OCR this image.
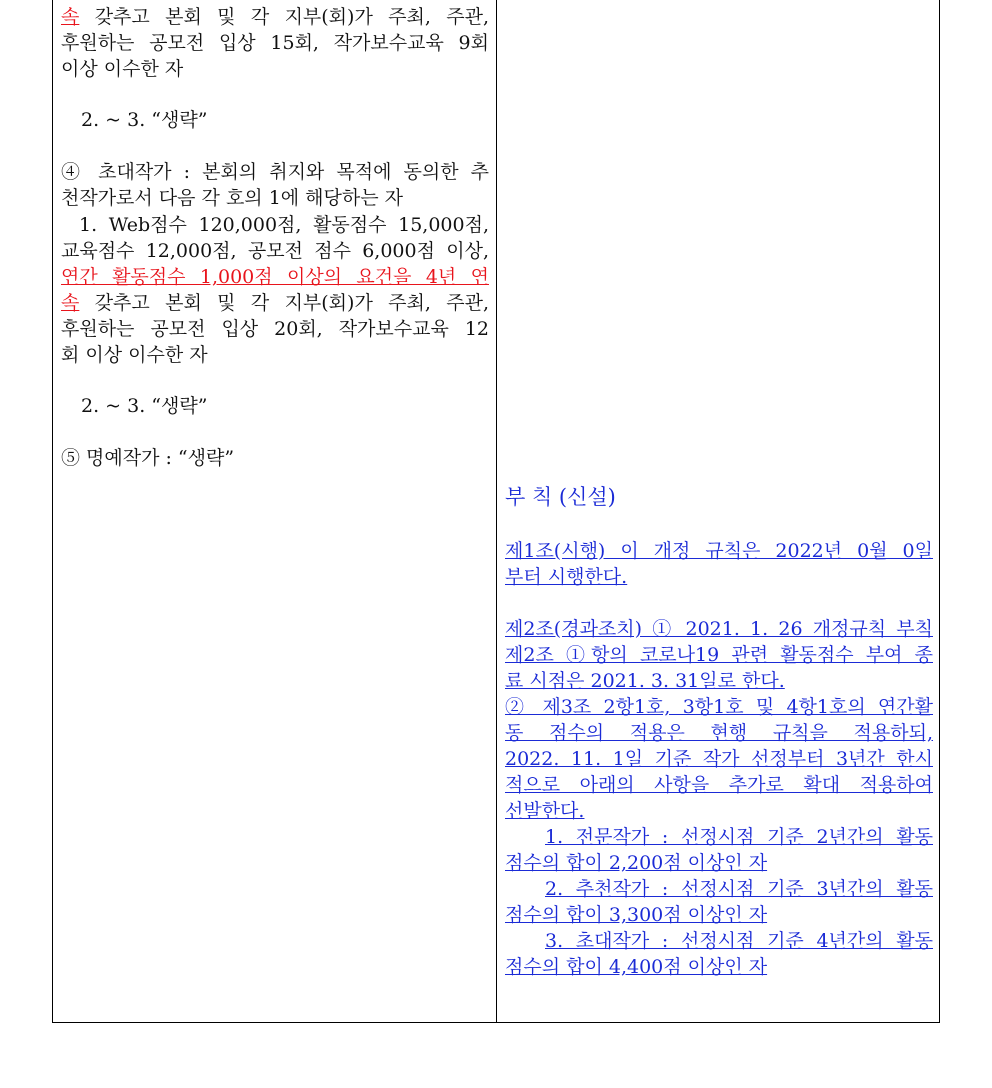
속 갖추고 본회 및 각 지부(회)가 주최, 주관,
후원하는 공모전 입상 15회, 작가보수교육 9회
이상 이수한 자
2. ~ 3. “생략”
④ 초대작가 : 본회의 취지와 목적에 동의한 추
천작가로서 다음 각 호의 1에 해당하는 자
1. Web점수 120,000점, 활동점수 15,000점,
교육점수 12,000점, 공모전 점수 6,000점 이상,
연간 활동점수 1,000점 이상의 요건을 4년 연
속 갖추고 본회 및 각 지부(회)가 주최, 주관,
후원하는 공모전 입상 20회, 작가보수교육 12
회 이상 이수한 자
2. ~ 3. “생략”
⑤ 명예작가 : “생략”
부 칙 (신설)
제1조(시행) 이 개정 규칙은 2022년 0월 0일
부터 시행한다.
제2조(경과조치) ① 2021. 1. 26 개정규칙 부칙
제2조 ①항의 코로나19 관련 활동점수 부여 종
료 시점은 2021. 3. 31일로 한다.
② 제3조 2항1호, 3항1호 및 4항1호의 연간활
동 점수의 적용은 현행 규칙을 적용하되,
2022. 11. 1일 기준 작가 선정부터 3년간 한시
적으로 아래의 사항을 추가로 확대 적용하여
선발한다.
1. 전문작가 : 선정시점 기준 2년간의 활동
점수의 합이 2,200점 이상인 자
2. 추천작가 : 선정시점 기준 3년간의 활동
점수의 합이 3,300점 이상인 자
3. 초대작가 : 선정시점 기준 4년간의 활동
점수의 합이 4,400점 이상인 자
